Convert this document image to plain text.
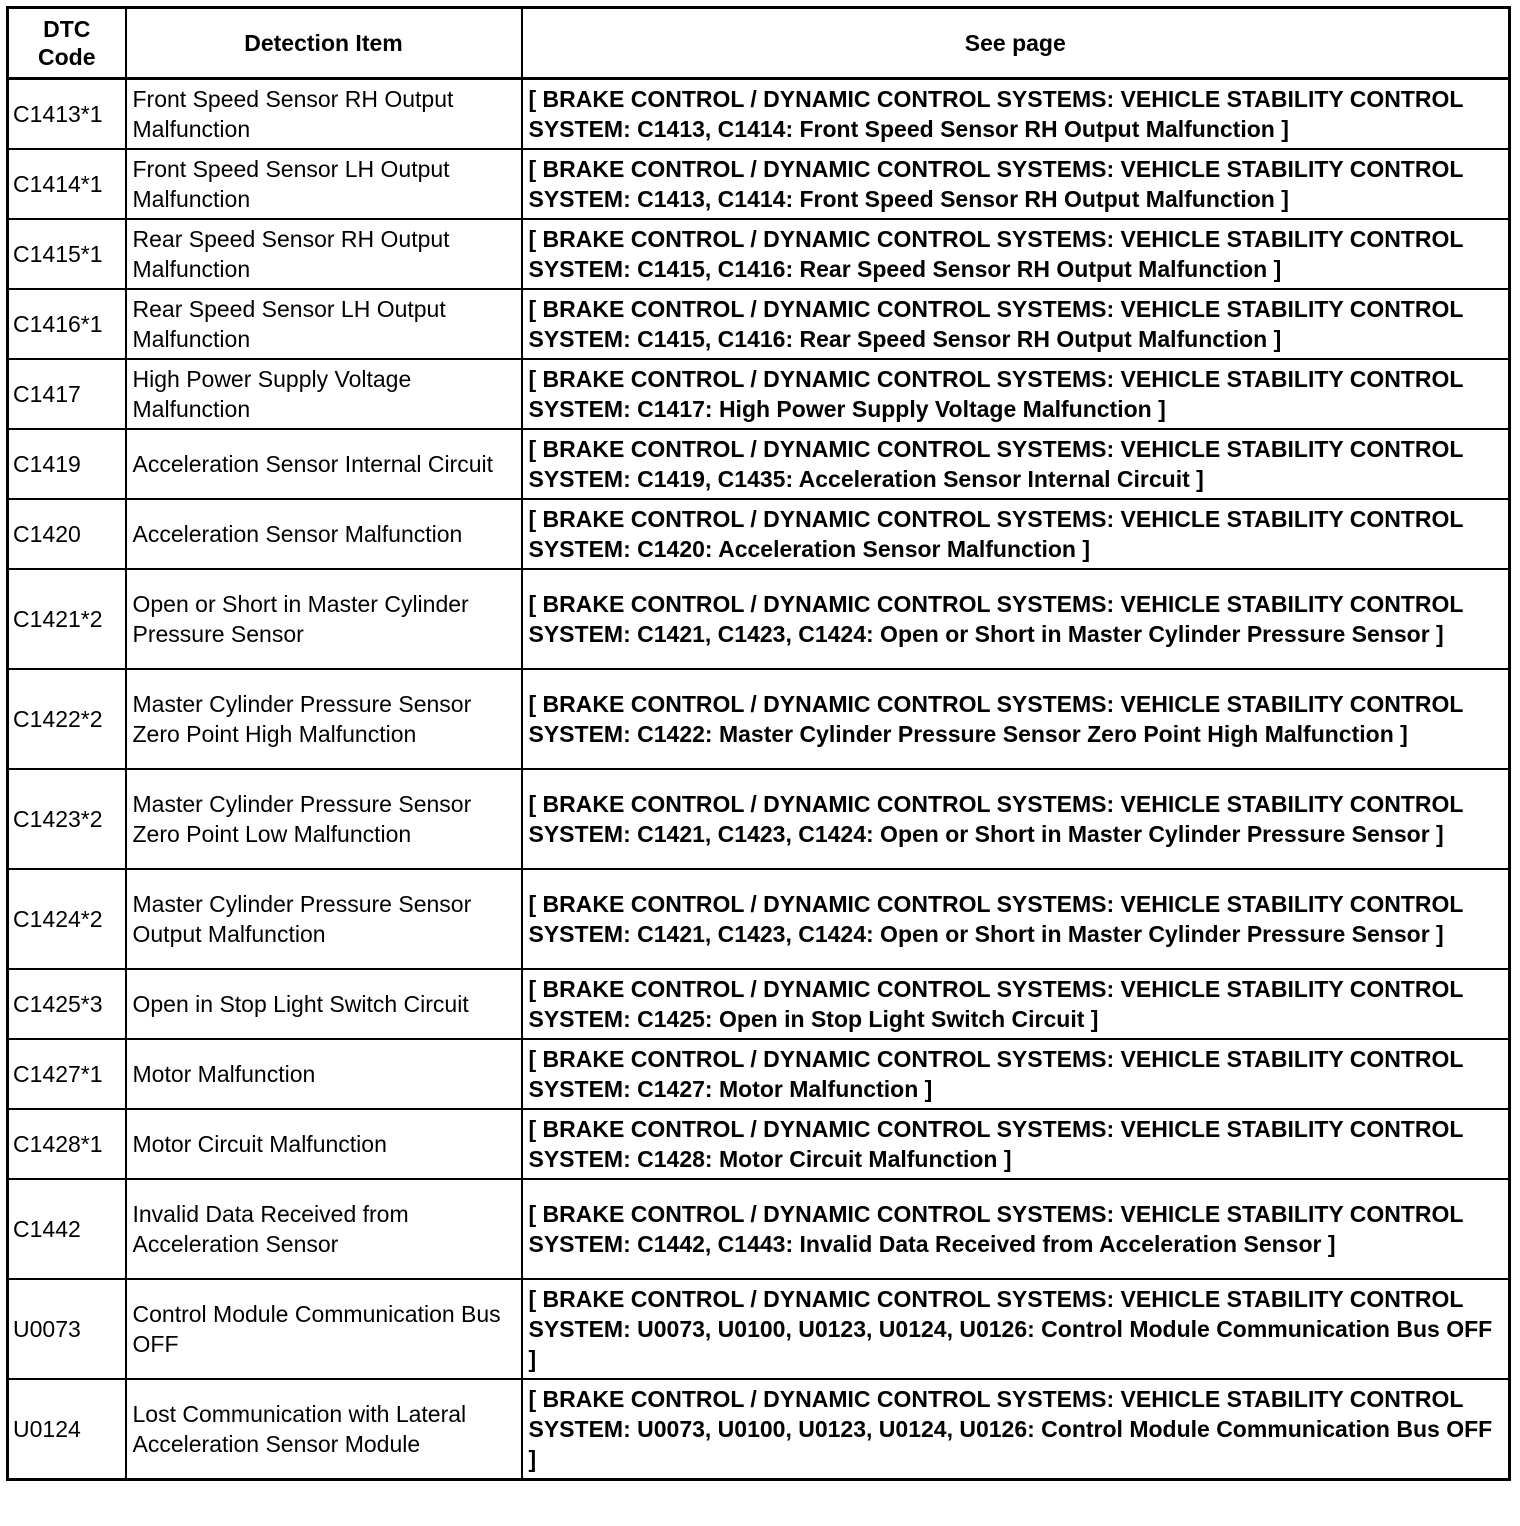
DTC
Code	Detection Item	See page
C1413*1	Front Speed Sensor RH Output Malfunction	[ BRAKE CONTROL / DYNAMIC CONTROL SYSTEMS: VEHICLE STABILITY CONTROL SYSTEM: C1413, C1414: Front Speed Sensor RH Output Malfunction ]
C1414*1	Front Speed Sensor LH Output Malfunction	[ BRAKE CONTROL / DYNAMIC CONTROL SYSTEMS: VEHICLE STABILITY CONTROL SYSTEM: C1413, C1414: Front Speed Sensor RH Output Malfunction ]
C1415*1	Rear Speed Sensor RH Output Malfunction	[ BRAKE CONTROL / DYNAMIC CONTROL SYSTEMS: VEHICLE STABILITY CONTROL SYSTEM: C1415, C1416: Rear Speed Sensor RH Output Malfunction ]
C1416*1	Rear Speed Sensor LH Output Malfunction	[ BRAKE CONTROL / DYNAMIC CONTROL SYSTEMS: VEHICLE STABILITY CONTROL SYSTEM: C1415, C1416: Rear Speed Sensor RH Output Malfunction ]
C1417	High Power Supply Voltage Malfunction	[ BRAKE CONTROL / DYNAMIC CONTROL SYSTEMS: VEHICLE STABILITY CONTROL SYSTEM: C1417: High Power Supply Voltage Malfunction ]
C1419	Acceleration Sensor Internal Circuit	[ BRAKE CONTROL / DYNAMIC CONTROL SYSTEMS: VEHICLE STABILITY CONTROL SYSTEM: C1419, C1435: Acceleration Sensor Internal Circuit ]
C1420	Acceleration Sensor Malfunction	[ BRAKE CONTROL / DYNAMIC CONTROL SYSTEMS: VEHICLE STABILITY CONTROL SYSTEM: C1420: Acceleration Sensor Malfunction ]
C1421*2	Open or Short in Master Cylinder Pressure Sensor	[ BRAKE CONTROL / DYNAMIC CONTROL SYSTEMS: VEHICLE STABILITY CONTROL SYSTEM: C1421, C1423, C1424: Open or Short in Master Cylinder Pressure Sensor ]
C1422*2	Master Cylinder Pressure Sensor Zero Point High Malfunction	[ BRAKE CONTROL / DYNAMIC CONTROL SYSTEMS: VEHICLE STABILITY CONTROL SYSTEM: C1422: Master Cylinder Pressure Sensor Zero Point High Malfunction ]
C1423*2	Master Cylinder Pressure Sensor Zero Point Low Malfunction	[ BRAKE CONTROL / DYNAMIC CONTROL SYSTEMS: VEHICLE STABILITY CONTROL SYSTEM: C1421, C1423, C1424: Open or Short in Master Cylinder Pressure Sensor ]
C1424*2	Master Cylinder Pressure Sensor Output Malfunction	[ BRAKE CONTROL / DYNAMIC CONTROL SYSTEMS: VEHICLE STABILITY CONTROL SYSTEM: C1421, C1423, C1424: Open or Short in Master Cylinder Pressure Sensor ]
C1425*3	Open in Stop Light Switch Circuit	[ BRAKE CONTROL / DYNAMIC CONTROL SYSTEMS: VEHICLE STABILITY CONTROL SYSTEM: C1425: Open in Stop Light Switch Circuit ]
C1427*1	Motor Malfunction	[ BRAKE CONTROL / DYNAMIC CONTROL SYSTEMS: VEHICLE STABILITY CONTROL SYSTEM: C1427: Motor Malfunction ]
C1428*1	Motor Circuit Malfunction	[ BRAKE CONTROL / DYNAMIC CONTROL SYSTEMS: VEHICLE STABILITY CONTROL SYSTEM: C1428: Motor Circuit Malfunction ]
C1442	Invalid Data Received from Acceleration Sensor	[ BRAKE CONTROL / DYNAMIC CONTROL SYSTEMS: VEHICLE STABILITY CONTROL SYSTEM: C1442, C1443: Invalid Data Received from Acceleration Sensor ]
U0073	Control Module Communication Bus OFF	[ BRAKE CONTROL / DYNAMIC CONTROL SYSTEMS: VEHICLE STABILITY CONTROL SYSTEM: U0073, U0100, U0123, U0124, U0126: Control Module Communication Bus OFF ]
U0124	Lost Communication with Lateral Acceleration Sensor Module	[ BRAKE CONTROL / DYNAMIC CONTROL SYSTEMS: VEHICLE STABILITY CONTROL SYSTEM: U0073, U0100, U0123, U0124, U0126: Control Module Communication Bus OFF ]
